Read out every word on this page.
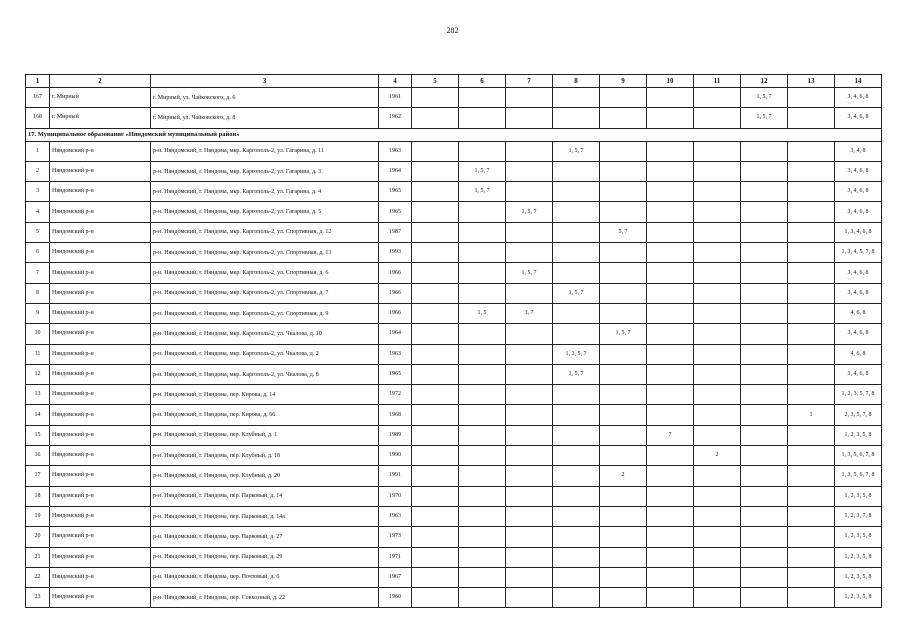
282
1	2	3	4	5	6	7	8	9	10	11	12	13	14
167	г. Мирный	г. Мирный, ул. Чайковского, д. 6	1961								1, 5, 7		3, 4, 6, 8
168	г. Мирный	г. Мирный, ул. Чайковского, д. 8	1962								1, 5, 7		3, 4, 6, 8
17. Муниципальное образование «Няндомский муниципальный район»													
1	Няндомский р-н	р-н. Няндомский, г. Няндома, мкр. Каргополь-2, ул. Гагарина, д. 11	1963				1, 5, 7						3, 4, 8
2	Няндомский р-н	р-н. Няндомский, г. Няндома, мкр. Каргополь-2, ул. Гагарина, д. 3	1964		1, 5, 7								3, 4, 6, 8
3	Няндомский р-н	р-н. Няндомский, г. Няндома, мкр. Каргополь-2, ул. Гагарина, д. 4	1965		1, 5, 7								3, 4, 6, 8
4	Няндомский р-н	р-н. Няндомский, г. Няндома, мкр. Каргополь-2, ул. Гагарина, д. 5	1965			1, 5, 7							3, 4, 6, 8
5	Няндомский р-н	р-н. Няндомский, г. Няндома, мкр. Каргополь-2, ул. Спортивная, д. 12	1987					5, 7					1, 3, 4, 6, 8
6	Няндомский р-н	р-н. Няндомский, г. Няндома, мкр. Каргополь-2, ул. Спортивная, д. 13	1993										1, 3, 4, 5, 7, 8
7	Няндомский р-н	р-н. Няндомский, г. Няндома, мкр. Каргополь-2, ул. Спортивная, д. 6	1966			1, 5, 7							3, 4, 6, 8
8	Няндомский р-н	р-н. Няндомский, г. Няндома, мкр. Каргополь-2, ул. Спортивная, д. 7	1966				1, 5, 7						3, 4, 6, 8
9	Няндомский р-н	р-н. Няндомский, г. Няндома, мкр. Каргополь-2, ул. Спортивная, д. 9	1966		1, 5	3, 7							4, 6, 8
10	Няндомский р-н	р-н. Няндомский, г. Няндома, мкр. Каргополь-2, ул. Чкалова, д. 10	1964					1, 5, 7					3, 4, 6, 8
11	Няндомский р-н	р-н. Няндомский, г. Няндома, мкр. Каргополь-2, ул. Чкалова, д. 2	1963				1, 3, 5, 7						4, 6, 8
12	Няндомский р-н	р-н. Няндомский, г. Няндома, мкр. Каргополь-2, ул. Чкалова, д. 8	1965				1, 5, 7						3, 4, 6, 8
13	Няндомский р-н	р-н. Няндомский, г. Няндома, пер. Кирова, д. 14	1972										1, 2, 3, 5, 7, 8
14	Няндомский р-н	р-н. Няндомский, г. Няндома, пер. Кирова, д. 66	1968									1	2, 3, 5, 7, 8
15	Няндомский р-н	р-н. Няндомский, г. Няндома, пер. Клубный, д. 1	1989						7				1, 2, 3, 5, 8
16	Няндомский р-н	р-н. Няндомский, г. Няндома, пер. Клубный, д. 18	1990							2			1, 3, 5, 6, 7, 8
17	Няндомский р-н	р-н. Няндомский, г. Няндома, пер. Клубный, д. 20	1991					2					1, 3, 5, 6, 7, 8
18	Няндомский р-н	р-н. Няндомский, г. Няндома, пер. Парковый, д. 14	1970										1, 2, 3, 5, 8
19	Няндомский р-н	р-н. Няндомский, г. Няндома, пер. Парковый, д. 14а	1963										1, 2, 3, 7, 8
20	Няндомский р-н	р-н. Няндомский, г. Няндома, пер. Парковый, д. 27	1973										1, 2, 3, 5, 8
21	Няндомский р-н	р-н. Няндомский, г. Няндома, пер. Парковый, д. 29	1971										1, 2, 3, 5, 8
22	Няндомский р-н	р-н. Няндомский, г. Няндома, пер. Почтовый, д. 6	1967										1, 2, 3, 5, 8
23	Няндомский р-н	р-н. Няндомский, г. Няндома, пер. Совхозный, д. 22	1960										1, 2, 3, 5, 8
